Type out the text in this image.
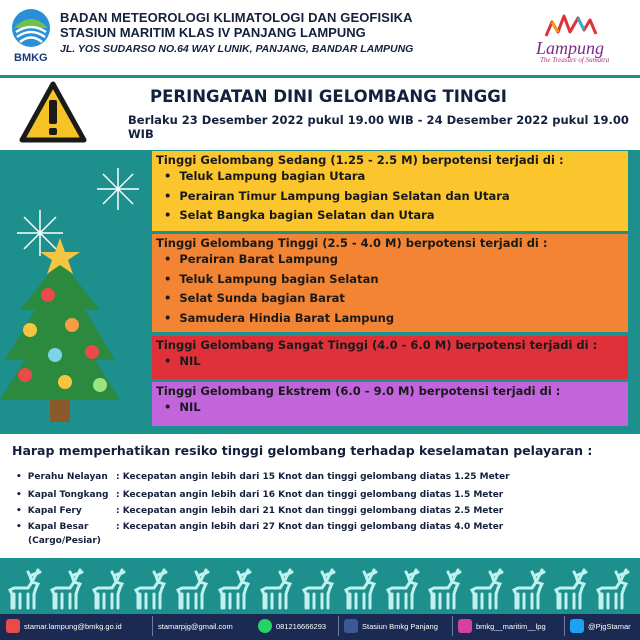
BMKG
BADAN METEOROLOGI KLIMATOLOGI DAN GEOFISIKA
STASIUN MARITIM KLAS IV PANJANG LAMPUNG
JL. YOS SUDARSO NO.64 WAY LUNIK, PANJANG, BANDAR LAMPUNG	Lampung
The Treasure of Sumatra
PERINGATAN DINI GELOMBANG TINGGI
Berlaku 23 Desember 2022 pukul 19.00 WIB - 24 Desember 2022 pukul 19.00 WIB
Tinggi Gelombang Sedang (1.25 - 2.5 M) berpotensi terjadi di :
• Teluk Lampung bagian Utara
• Perairan Timur Lampung bagian Selatan dan Utara
• Selat Bangka bagian Selatan dan Utara
Tinggi Gelombang Tinggi (2.5 - 4.0 M) berpotensi terjadi di :
• Perairan Barat Lampung
• Teluk Lampung bagian Selatan
• Selat Sunda bagian Barat
• Samudera Hindia Barat Lampung
Tinggi Gelombang Sangat Tinggi (4.0 - 6.0 M) berpotensi terjadi di :
• NIL
Tinggi Gelombang Ekstrem (6.0 - 9.0 M) berpotensi terjadi di :
• NIL
Harap memperhatikan resiko tinggi gelombang terhadap keselamatan pelayaran :
• Perahu Nelayan : Kecepatan angin lebih dari 15 Knot dan tinggi gelombang diatas 1.25 Meter
• Kapal Tongkang : Kecepatan angin lebih dari 16 Knot dan tinggi gelombang diatas 1.5 Meter
• Kapal Fery	: Kecepatan angin lebih dari 21 Knot dan tinggi gelombang diatas 2.5 Meter
• Kapal Besar	: Kecepatan angin lebih dari 27 Knot dan tinggi gelombang diatas 4.0 Meter
(Cargo/Pesiar)
stamar.lampung@bmkg.go.id	stamarpjg@gmail.com	081216666293	Stasiun Bmkg Panjang	bmkg__maritim__lpg	@PjgStamar
